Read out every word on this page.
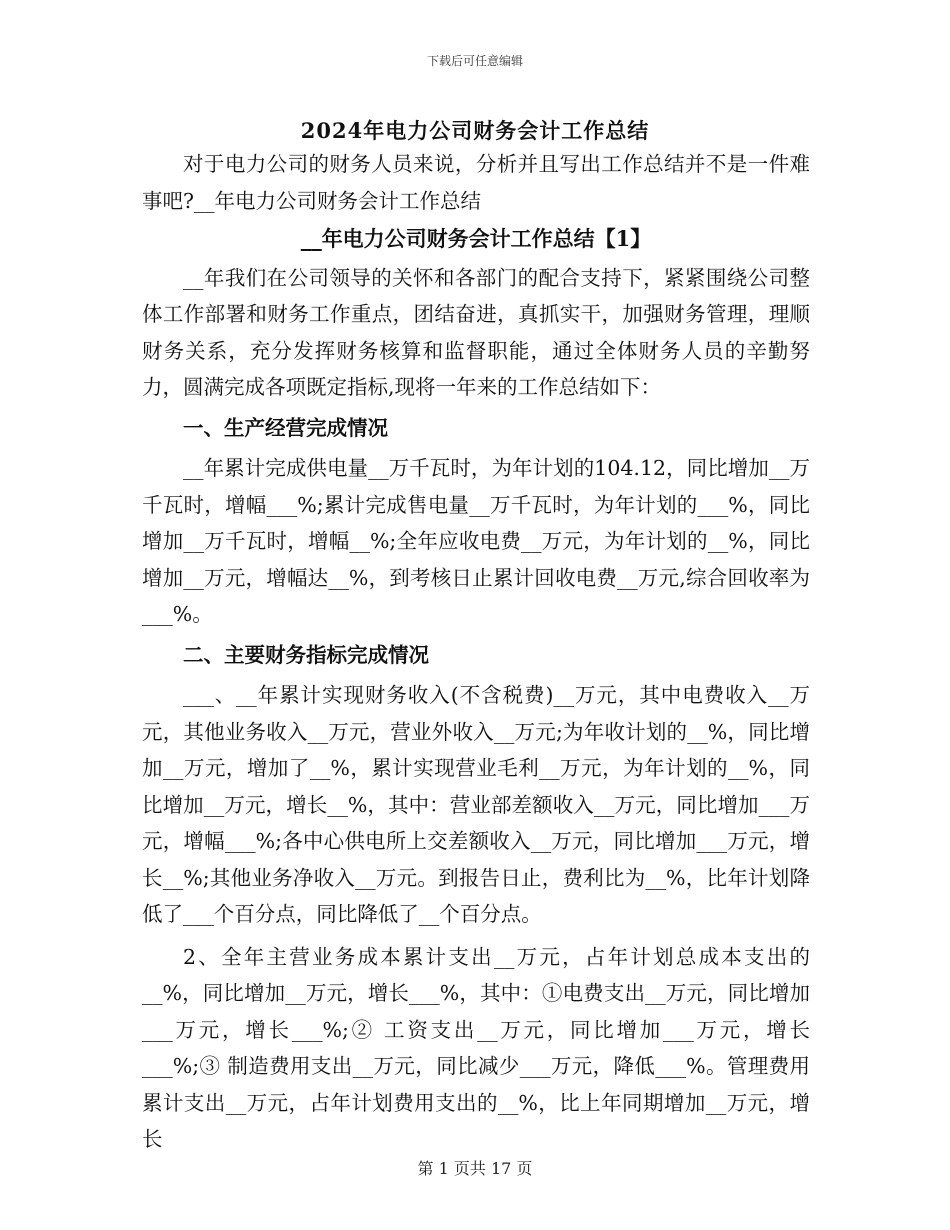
下载后可任意编辑
2024年电力公司财务会计工作总结

对于电力公司的财务人员来说，分析并且写出工作总结并不是一件难事吧?__年电力公司财务会计工作总结

__年电力公司财务会计工作总结【1】

__年我们在公司领导的关怀和各部门的配合支持下，紧紧围绕公司整体工作部署和财务工作重点，团结奋进，真抓实干，加强财务管理，理顺财务关系，充分发挥财务核算和监督职能，通过全体财务人员的辛勤努力，圆满完成各项既定指标,现将一年来的工作总结如下：

一、生产经营完成情况

__年累计完成供电量__万千瓦时，为年计划的104.12，同比增加__万千瓦时，增幅___%;累计完成售电量__万千瓦时，为年计划的___%，同比增加__万千瓦时，增幅__%;全年应收电费__万元，为年计划的__%，同比增加__万元，增幅达__%，到考核日止累计回收电费__万元,综合回收率为___%。

二、主要财务指标完成情况

___、__年累计实现财务收入(不含税费)__万元，其中电费收入__万元，其他业务收入__万元，营业外收入__万元;为年收计划的__%，同比增加__万元，增加了__%，累计实现营业毛利__万元，为年计划的__%，同比增加__万元，增长__%，其中：营业部差额收入__万元，同比增加___万元，增幅___%;各中心供电所上交差额收入__万元，同比增加___万元，增长__%;其他业务净收入__万元。到报告日止，费利比为__%，比年计划降低了___个百分点，同比降低了__个百分点。

2、全年主营业务成本累计支出__万元，占年计划总成本支出的__%，同比增加__万元，增长___%，其中：①电费支出__万元，同比增加___万元，增长___%;② 工资支出__万元，同比增加___万元，增长___%;③ 制造费用支出__万元，同比减少___万元，降低___%。管理费用累计支出__万元，占年计划费用支出的__%，比上年同期增加__万元，增长

第 1 页共 17 页
